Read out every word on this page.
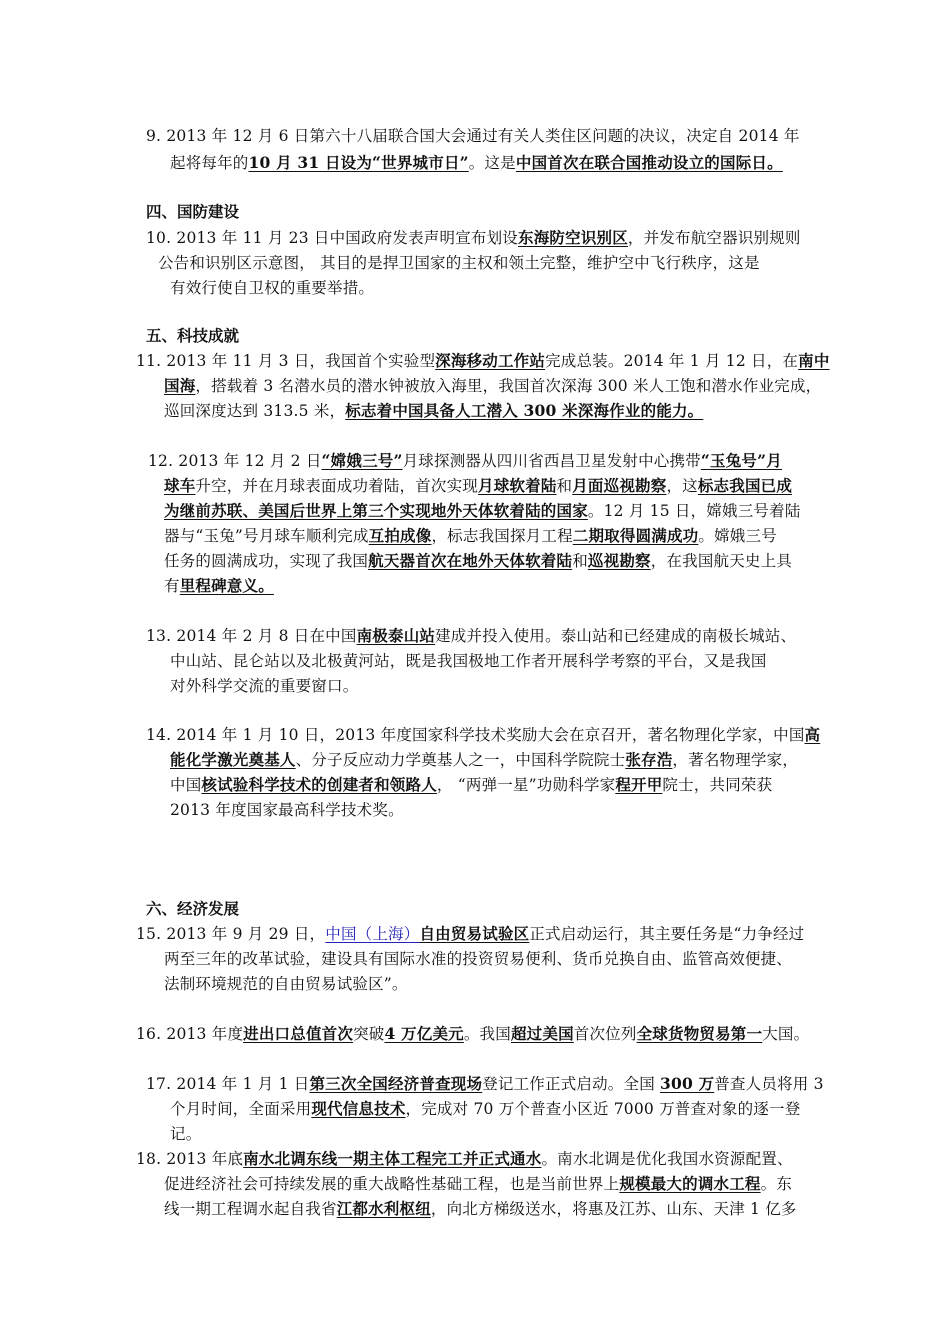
9. 2013 年 12 月 6 日第六十八届联合国大会通过有关人类住区问题的决议，决定自 2014 年
起将每年的10 月 31 日设为“世界城市日”。这是中国首次在联合国推动设立的国际日。
四、国防建设
10. 2013 年 11 月 23 日中国政府发表声明宣布划设东海防空识别区，并发布航空器识别规则
公告和识别区示意图， 其目的是捍卫国家的主权和领土完整，维护空中飞行秩序，这是
有效行使自卫权的重要举措。
五、科技成就
11. 2013 年 11 月 3 日，我国首个实验型深海移动工作站完成总装。2014 年 1 月 12 日，在南中
国海，搭载着 3 名潜水员的潜水钟被放入海里，我国首次深海 300 米人工饱和潜水作业完成，
巡回深度达到 313.5 米，标志着中国具备人工潜入 300 米深海作业的能力。
12. 2013 年 12 月 2 日“嫦娥三号”月球探测器从四川省西昌卫星发射中心携带“玉兔号”月
球车升空，并在月球表面成功着陆，首次实现月球软着陆和月面巡视勘察，这标志我国已成
为继前苏联、美国后世界上第三个实现地外天体软着陆的国家。12 月 15 日，嫦娥三号着陆
器与“玉兔”号月球车顺利完成互拍成像，标志我国探月工程二期取得圆满成功。嫦娥三号
任务的圆满成功，实现了我国航天器首次在地外天体软着陆和巡视勘察，在我国航天史上具
有里程碑意义。
13. 2014 年 2 月 8 日在中国南极泰山站建成并投入使用。泰山站和已经建成的南极长城站、
中山站、昆仑站以及北极黄河站，既是我国极地工作者开展科学考察的平台，又是我国
对外科学交流的重要窗口。
14. 2014 年 1 月 10 日，2013 年度国家科学技术奖励大会在京召开，著名物理化学家，中国高
能化学激光奠基人、分子反应动力学奠基人之一，中国科学院院士张存浩，著名物理学家，
中国核试验科学技术的创建者和领路人， “两弹一星”功勋科学家程开甲院士，共同荣获
2013 年度国家最高科学技术奖。
六、经济发展
15. 2013 年 9 月 29 日，中国（上海）自由贸易试验区正式启动运行，其主要任务是“力争经过
两至三年的改革试验，建设具有国际水准的投资贸易便利、货币兑换自由、监管高效便捷、
法制环境规范的自由贸易试验区”。
16. 2013 年度进出口总值首次突破4 万亿美元。我国超过美国首次位列全球货物贸易第一大国。
17. 2014 年 1 月 1 日第三次全国经济普查现场登记工作正式启动。全国 300 万普查人员将用 3
个月时间，全面采用现代信息技术，完成对 70 万个普查小区近 7000 万普查对象的逐一登
记。
18. 2013 年底南水北调东线一期主体工程完工并正式通水。南水北调是优化我国水资源配置、
促进经济社会可持续发展的重大战略性基础工程，也是当前世界上规模最大的调水工程。东
线一期工程调水起自我省江都水利枢纽，向北方梯级送水，将惠及江苏、山东、天津 1 亿多
